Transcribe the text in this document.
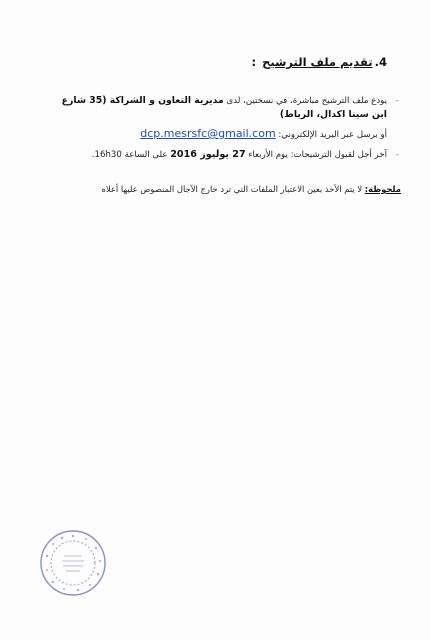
4.
تقديم ملف الترشيح
:
-
يودع ملف الترشيح مباشرة، في نسختين، لدى مديرية التعاون و الشراكة (35 شارع
ابن سينا اكدال، الرباط)
أو يرسل عبر البريد الإلكتروني: dcp.mesrsfc@gmail.com
-
آخر أجل لقبول الترشيحات: يوم الأربعاء 27 يوليوز 2016 على الساعة 16h30.
ملحوظة: لا يتم الأخذ بعين الاعتبار الملفات التي ترد خارج الآجال المنصوص عليها أعلاه
